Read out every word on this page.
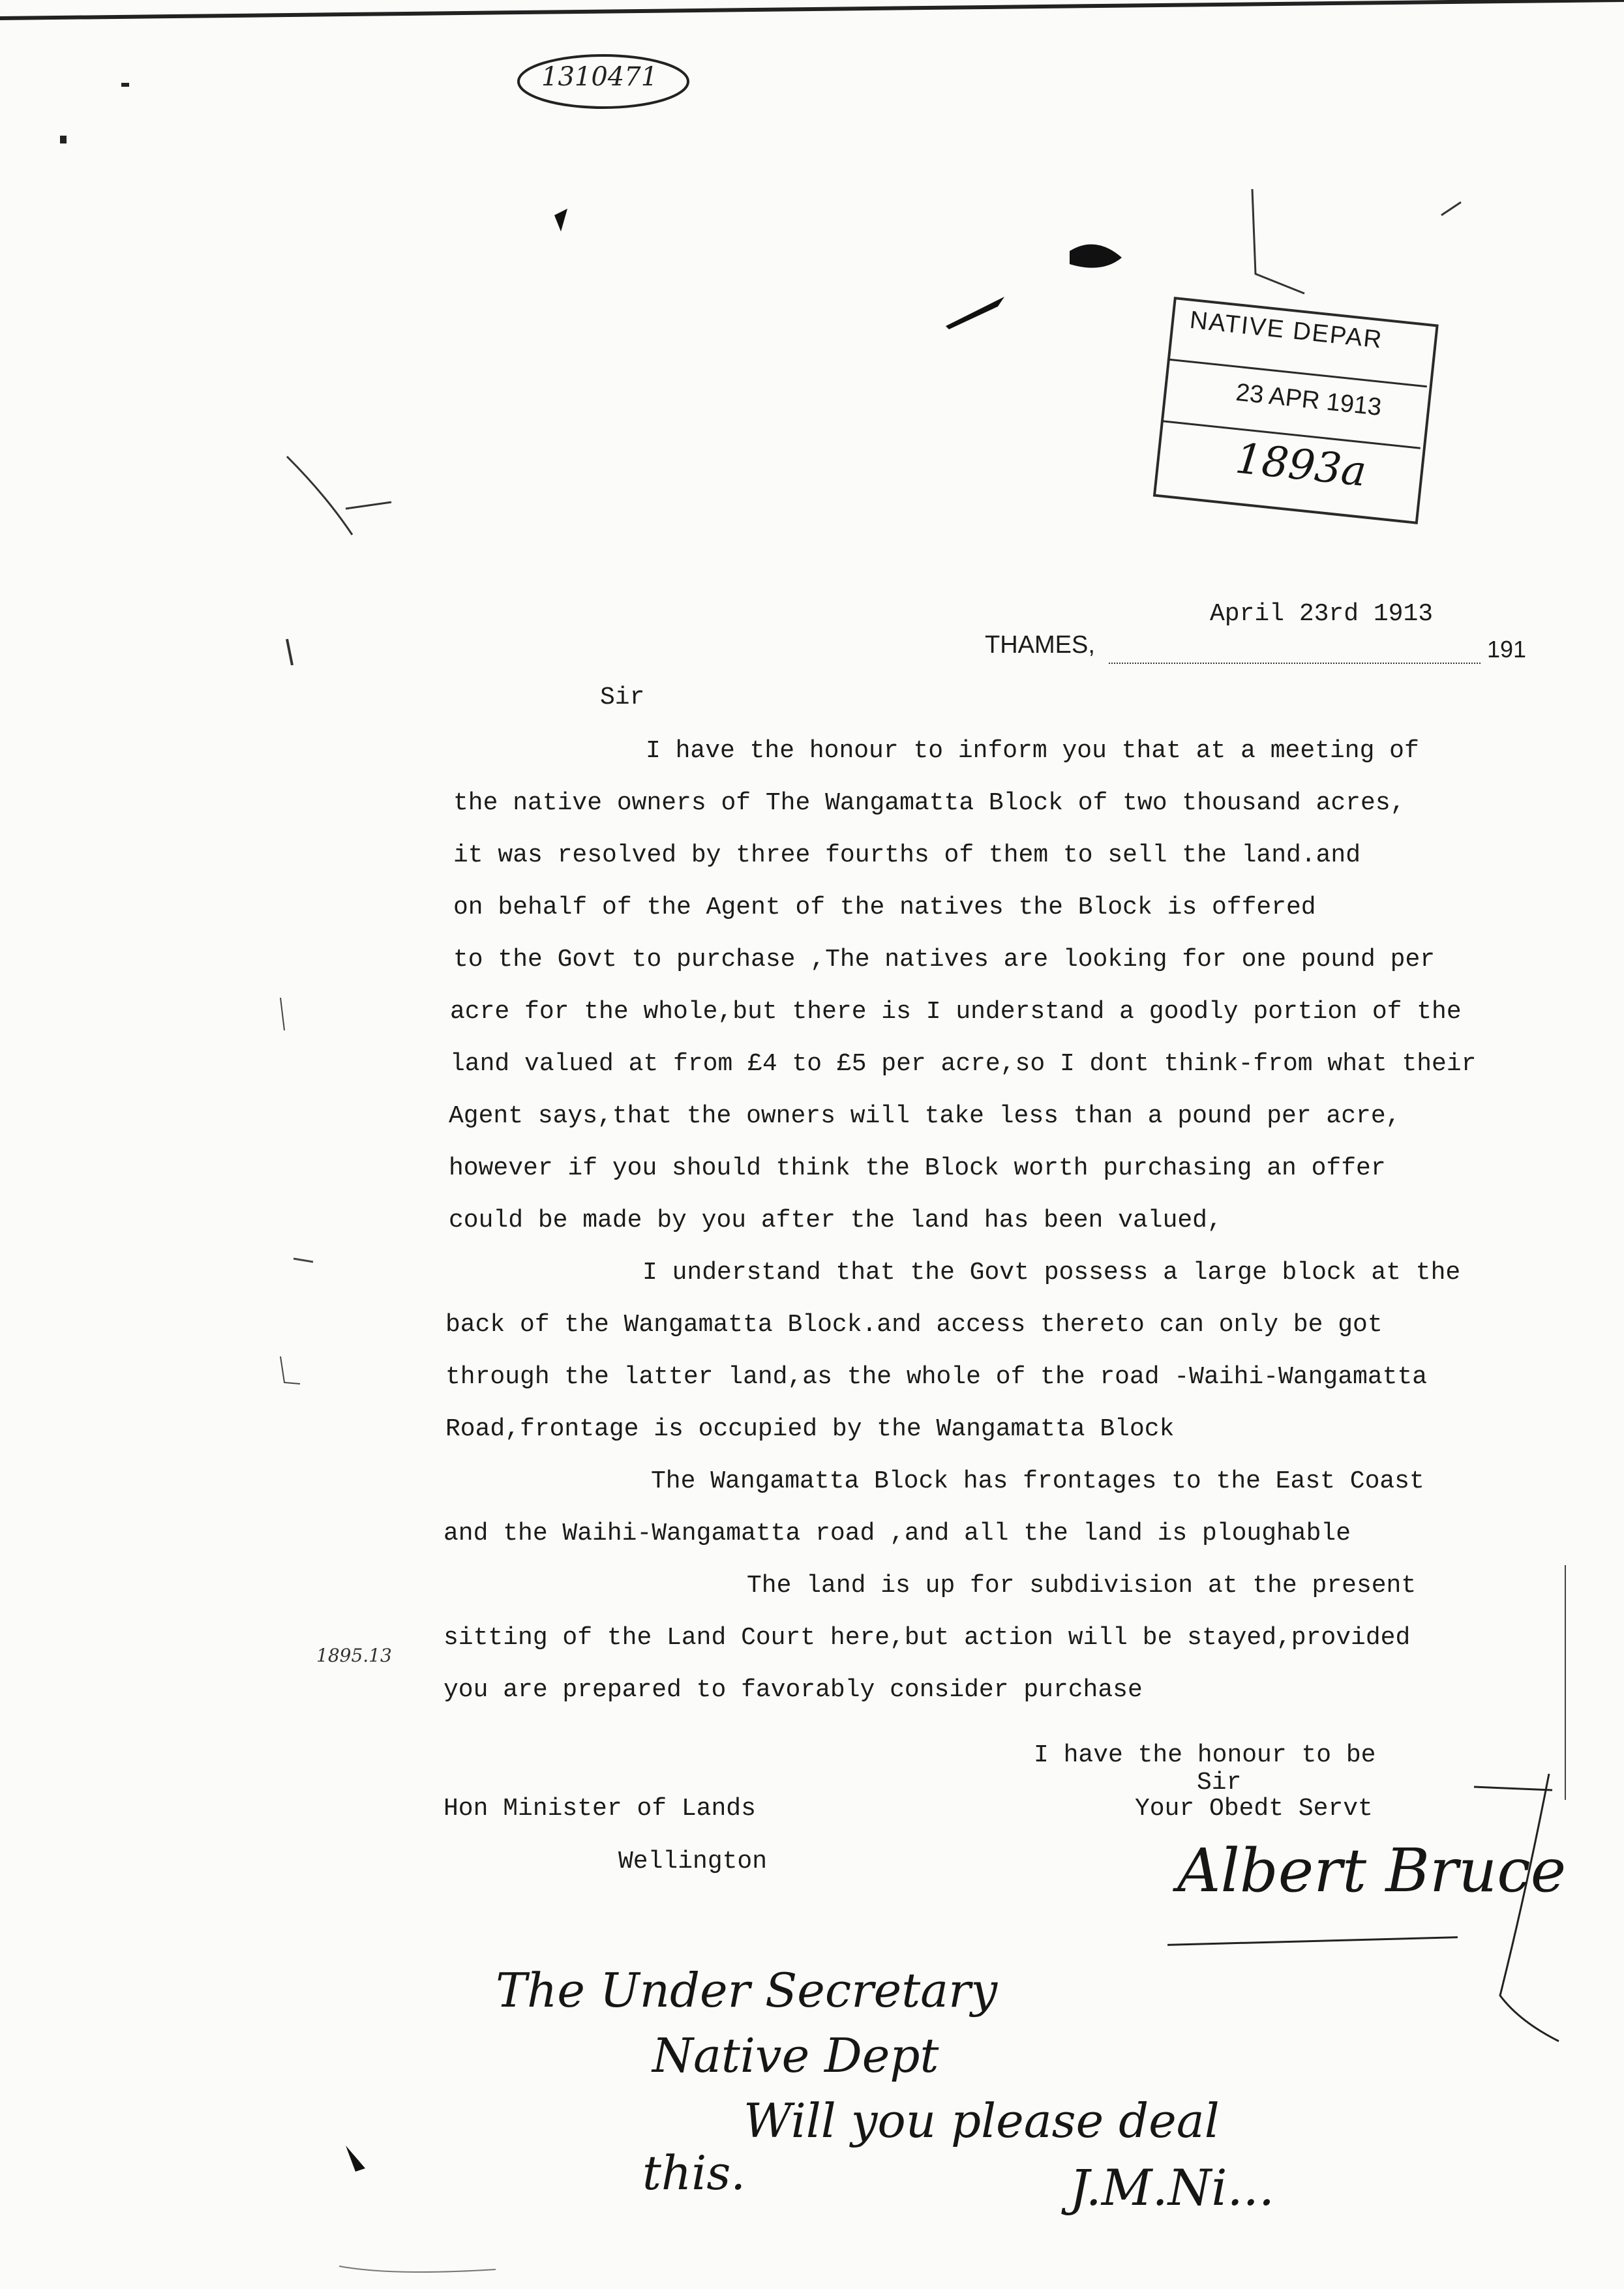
1310471
NATIVE DEPAR
23 APR 1913
1893a
April 23rd 1913
THAMES,	191
Sir
I have the honour to inform you that at a meeting of
the native owners of The Wangamatta Block of two thousand acres,
it was resolved by three fourths of them to sell the land.and
on behalf of the Agent of the natives the Block is offered
to the Govt to purchase ,The natives are looking for one pound per
acre for the whole,but there is I understand a goodly portion of the
land valued at from £4 to £5 per acre,so I dont think-from what their
Agent says,that the owners will take less than a pound per acre,
however if you should think the Block worth purchasing an offer
could be made by you after the land has been valued,
I understand that the Govt possess a large block at the
back of the Wangamatta Block.and access thereto can only be got
through the latter land,as the whole of the road -Waihi-Wangamatta
Road,frontage is occupied by the Wangamatta Block
The Wangamatta Block has frontages to the East Coast
and the Waihi-Wangamatta road ,and all the land is ploughable
The land is up for subdivision at the present
sitting of the Land Court here,but action will be stayed,provided
you are prepared to favorably consider purchase
1895.13
I have the honour to be
Sir
Your Obedt Servt
Hon Minister of Lands
Wellington	Albert Bruce
The Under Secretary
Native Dept
Will you please deal
this.	J.M.Ni...
